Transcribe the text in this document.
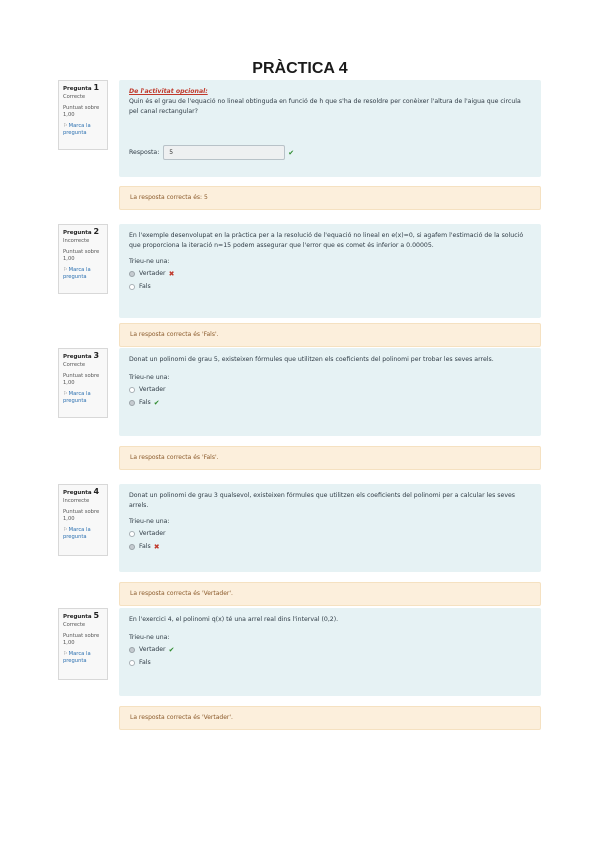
PRÀCTICA 4
Pregunta 1
Correcte
Puntuat sobre 1,00
⚐Marca la pregunta
De l'activitat opcional:
Quin és el grau de l'equació no lineal obtinguda en funció de h que s'ha de resoldre per conèixer l'altura de l'aigua que circula pel canal rectangular?
Resposta:
5	✔
La resposta correcta és: 5
Pregunta 2
Incorrecte
Puntuat sobre 1,00
⚐Marca la pregunta
En l'exemple desenvolupat en la pràctica per a la resolució de l'equació no lineal en e(x)=0, si agafem l'estimació de la solució que proporciona la iteració n=15 podem assegurar que l'error que es comet és inferior a 0.00005.
Trieu-ne una:
Vertader ✖
Fals
La resposta correcta és 'Fals'.
Pregunta 3
Correcte
Puntuat sobre 1,00
⚐Marca la pregunta
Donat un polinomi de grau 5, existeixen fórmules que utilitzen els coeficients del polinomi per trobar les seves arrels.
Trieu-ne una:
Vertader
Fals ✔
La resposta correcta és 'Fals'.
Pregunta 4
Incorrecte
Puntuat sobre 1,00
⚐Marca la pregunta
Donat un polinomi de grau 3 qualsevol, existeixen fórmules que utilitzen els coeficients del polinomi per a calcular les seves arrels.
Trieu-ne una:
Vertader
Fals ✖
La resposta correcta és 'Vertader'.
Pregunta 5
Correcte
Puntuat sobre 1,00
⚐Marca la pregunta
En l'exercici 4, el polinomi q(x) té una arrel real dins l'interval (0,2).
Trieu-ne una:
Vertader ✔
Fals
La resposta correcta és 'Vertader'.
